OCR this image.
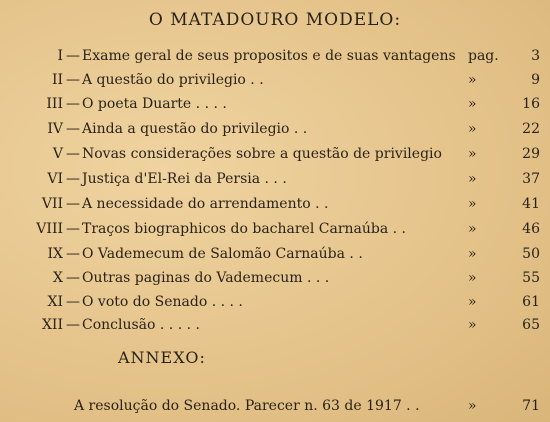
O MATADOURO MODELO:
I — Exame geral de seus propositos e de suas vantagens pag. 3
II — A questão do privilegio . .	»	9
III — O poeta Duarte . . . .	»	16
IV — Ainda a questão do privilegio . .	»	22
V — Novas considerações sobre a questão de privilegio »	29
VI — Justiça d'El-Rei da Persia . . .	»	37
VII — A necessidade do arrendamento . .	»	41
VIII — Traços biographicos do bacharel Carnaúba . .	»	46
IX — O Vademecum de Salomão Carnaúba . .	»	50
X — Outras paginas do Vademecum . . .	»	55
XI — O voto do Senado . . . .	»	61
XII — Conclusão . . . . .	»	65
ANNEXO:
A resolução do Senado. Parecer n. 63 de 1917 . .	»	71
